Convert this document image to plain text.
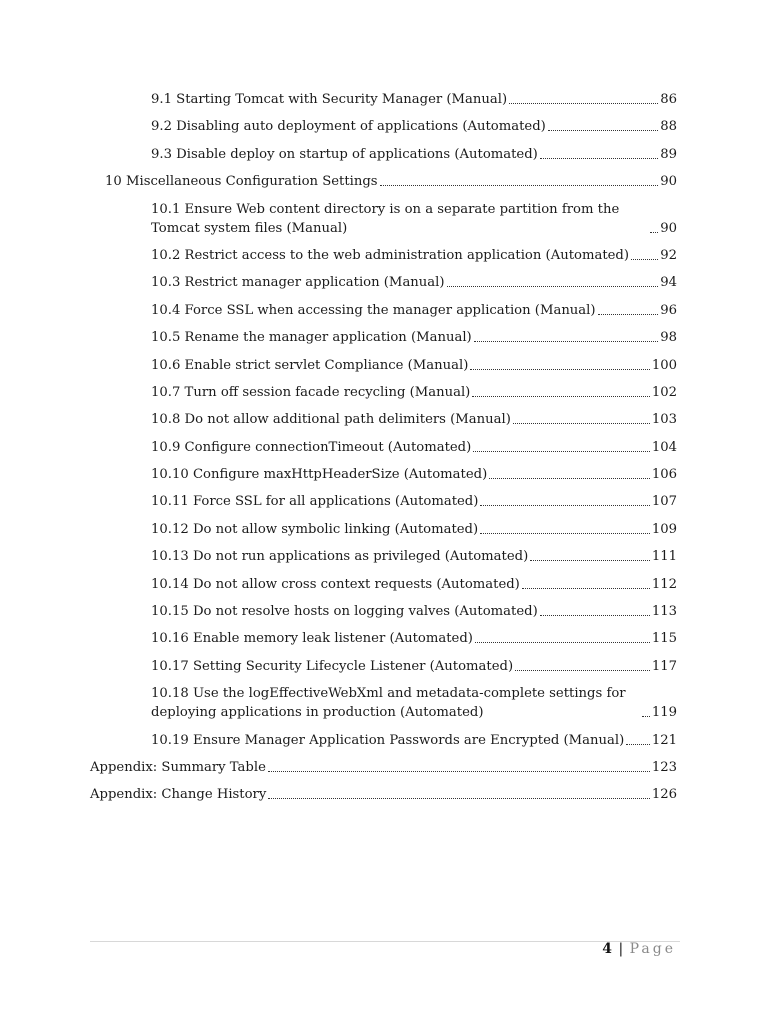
9.1 Starting Tomcat with Security Manager (Manual)	86
9.2 Disabling auto deployment of applications (Automated)	88
9.3 Disable deploy on startup of applications (Automated)	89
10 Miscellaneous Configuration Settings	90
10.1 Ensure Web content directory is on a separate partition from the Tomcat system files (Manual)	90
10.2 Restrict access to the web administration application (Automated) 92
10.3 Restrict manager application (Manual)	94
10.4 Force SSL when accessing the manager application (Manual)	96
10.5 Rename the manager application (Manual)	98
10.6 Enable strict servlet Compliance (Manual)	100
10.7 Turn off session facade recycling (Manual)	102
10.8 Do not allow additional path delimiters (Manual)	103
10.9 Configure connectionTimeout (Automated)	104
10.10 Configure maxHttpHeaderSize (Automated)	106
10.11 Force SSL for all applications (Automated)	107
10.12 Do not allow symbolic linking (Automated)	109
10.13 Do not run applications as privileged (Automated)	111
10.14 Do not allow cross context requests (Automated)	112
10.15 Do not resolve hosts on logging valves (Automated)	113
10.16 Enable memory leak listener (Automated)	115
10.17 Setting Security Lifecycle Listener (Automated)	117
10.18 Use the logEffectiveWebXml and metadata-complete settings for deploying applications in production (Automated)	119
10.19 Ensure Manager Application Passwords are Encrypted (Manual) 121
Appendix: Summary Table	123
Appendix: Change History	126
4 | Page
